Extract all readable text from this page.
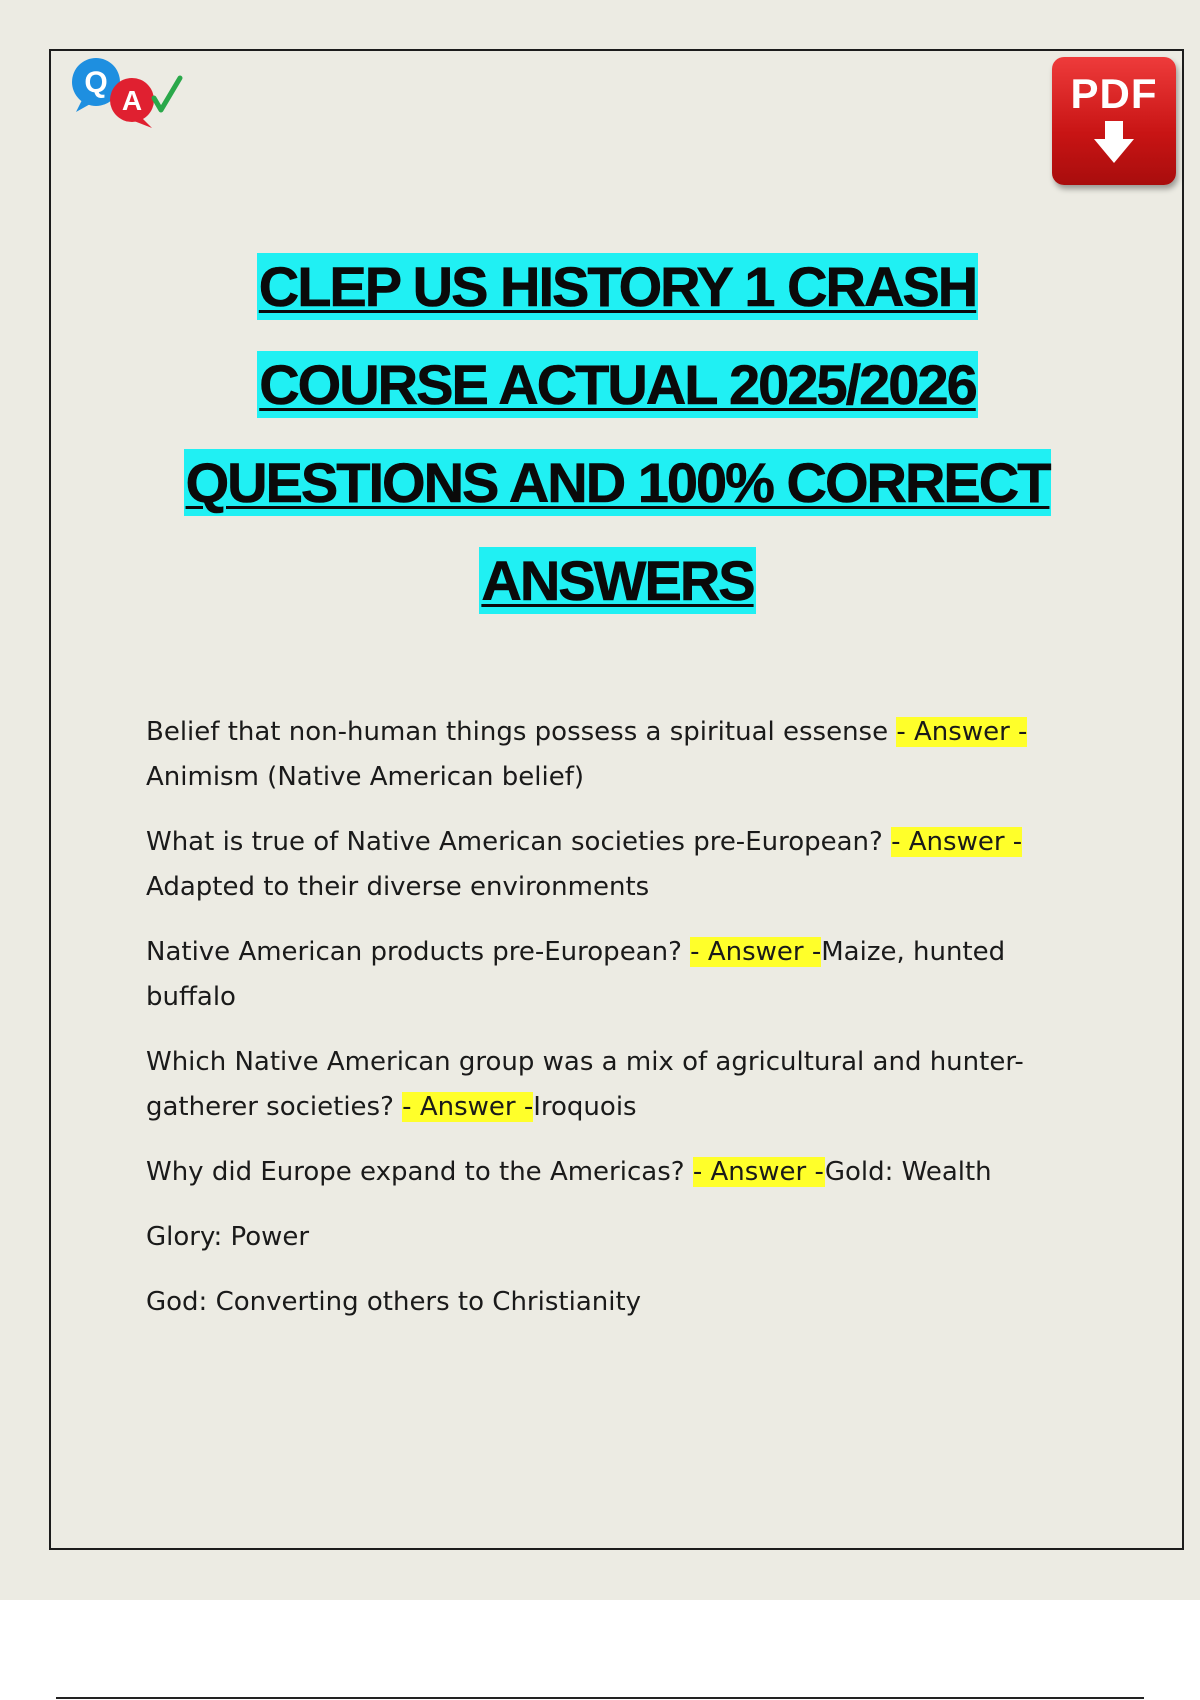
Q
A	PDF
CLEP US HISTORY 1 CRASH
COURSE ACTUAL 2025/2026
QUESTIONS AND 100% CORRECT
ANSWERS
Belief that non-human things possess a spiritual essense - Answer - Animism (Native American belief)
What is true of Native American societies pre-European? - Answer - Adapted to their diverse environments
Native American products pre-European? - Answer -Maize, hunted buffalo
Which Native American group was a mix of agricultural and hunter-gatherer societies? - Answer -Iroquois
Why did Europe expand to the Americas? - Answer -Gold: Wealth
Glory: Power
God: Converting others to Christianity
